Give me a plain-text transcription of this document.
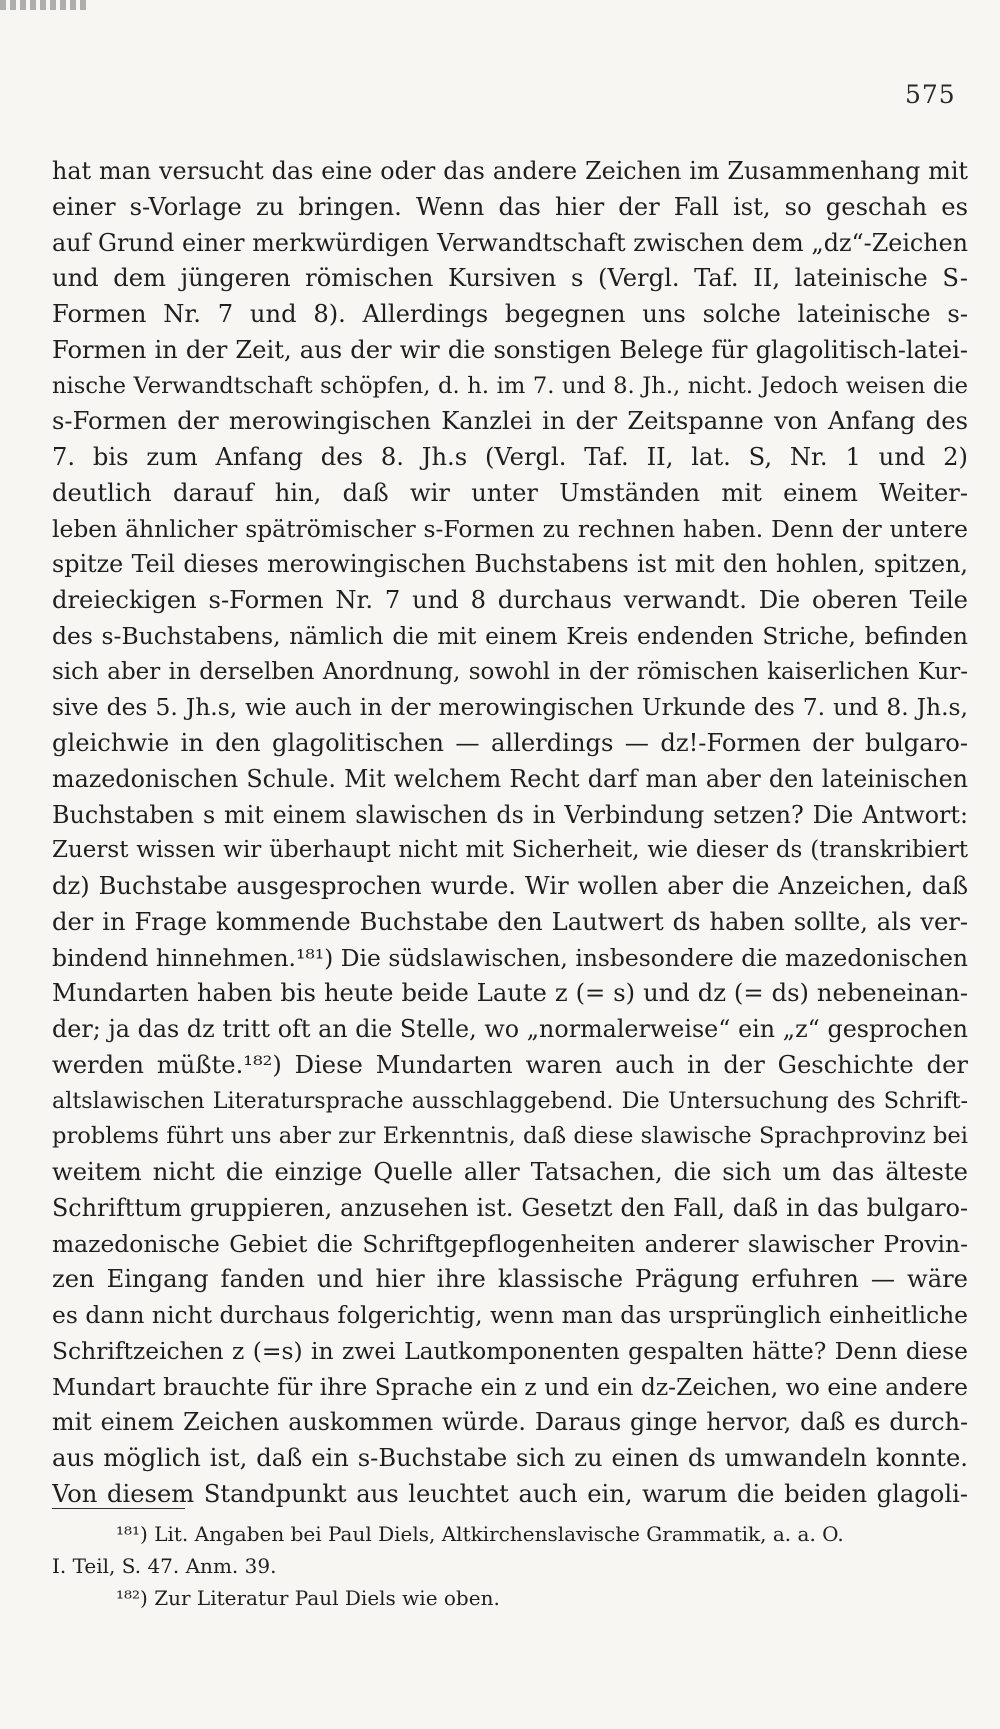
575
hat man versucht das eine oder das andere Zeichen im Zusammenhang mit
einer s-Vorlage zu bringen. Wenn das hier der Fall ist, so geschah es
auf Grund einer merkwürdigen Verwandtschaft zwischen dem „dz“-Zeichen
und dem jüngeren römischen Kursiven s (Vergl. Taf. II, lateinische S-
Formen Nr. 7 und 8). Allerdings begegnen uns solche lateinische s-
Formen in der Zeit, aus der wir die sonstigen Belege für glagolitisch-latei-
nische Verwandtschaft schöpfen, d. h. im 7. und 8. Jh., nicht. Jedoch weisen die
s-Formen der merowingischen Kanzlei in der Zeitspanne von Anfang des
7. bis zum Anfang des 8. Jh.s (Vergl. Taf. II, lat. S, Nr. 1 und 2)
deutlich darauf hin, daß wir unter Umständen mit einem Weiter-
leben ähnlicher spätrömischer s-Formen zu rechnen haben. Denn der untere
spitze Teil dieses merowingischen Buchstabens ist mit den hohlen, spitzen,
dreieckigen s-Formen Nr. 7 und 8 durchaus verwandt. Die oberen Teile
des s-Buchstabens, nämlich die mit einem Kreis endenden Striche, befinden
sich aber in derselben Anordnung, sowohl in der römischen kaiserlichen Kur-
sive des 5. Jh.s, wie auch in der merowingischen Urkunde des 7. und 8. Jh.s,
gleichwie in den glagolitischen — allerdings — dz!-Formen der bulgaro-
mazedonischen Schule. Mit welchem Recht darf man aber den lateinischen
Buchstaben s mit einem slawischen ds in Verbindung setzen? Die Antwort:
Zuerst wissen wir überhaupt nicht mit Sicherheit, wie dieser ds (transkribiert
dz) Buchstabe ausgesprochen wurde. Wir wollen aber die Anzeichen, daß
der in Frage kommende Buchstabe den Lautwert ds haben sollte, als ver-
bindend hinnehmen.¹⁸¹) Die südslawischen, insbesondere die mazedonischen
Mundarten haben bis heute beide Laute z (= s) und dz (= ds) nebeneinan-
der; ja das dz tritt oft an die Stelle, wo „normalerweise“ ein „z“ gesprochen
werden müßte.¹⁸²) Diese Mundarten waren auch in der Geschichte der
altslawischen Literatursprache ausschlaggebend. Die Untersuchung des Schrift-
problems führt uns aber zur Erkenntnis, daß diese slawische Sprachprovinz bei
weitem nicht die einzige Quelle aller Tatsachen, die sich um das älteste
Schrifttum gruppieren, anzusehen ist. Gesetzt den Fall, daß in das bulgaro-
mazedonische Gebiet die Schriftgepflogenheiten anderer slawischer Provin-
zen Eingang fanden und hier ihre klassische Prägung erfuhren — wäre
es dann nicht durchaus folgerichtig, wenn man das ursprünglich einheitliche
Schriftzeichen z (=s) in zwei Lautkomponenten gespalten hätte? Denn diese
Mundart brauchte für ihre Sprache ein z und ein dz-Zeichen, wo eine andere
mit einem Zeichen auskommen würde. Daraus ginge hervor, daß es durch-
aus möglich ist, daß ein s-Buchstabe sich zu einen ds umwandeln konnte.
Von diesem Standpunkt aus leuchtet auch ein, warum die beiden glagoli-
¹⁸¹) Lit. Angaben bei Paul Diels, Altkirchenslavische Grammatik, a. a. O.
I. Teil, S. 47. Anm. 39.
¹⁸²) Zur Literatur Paul Diels wie oben.
